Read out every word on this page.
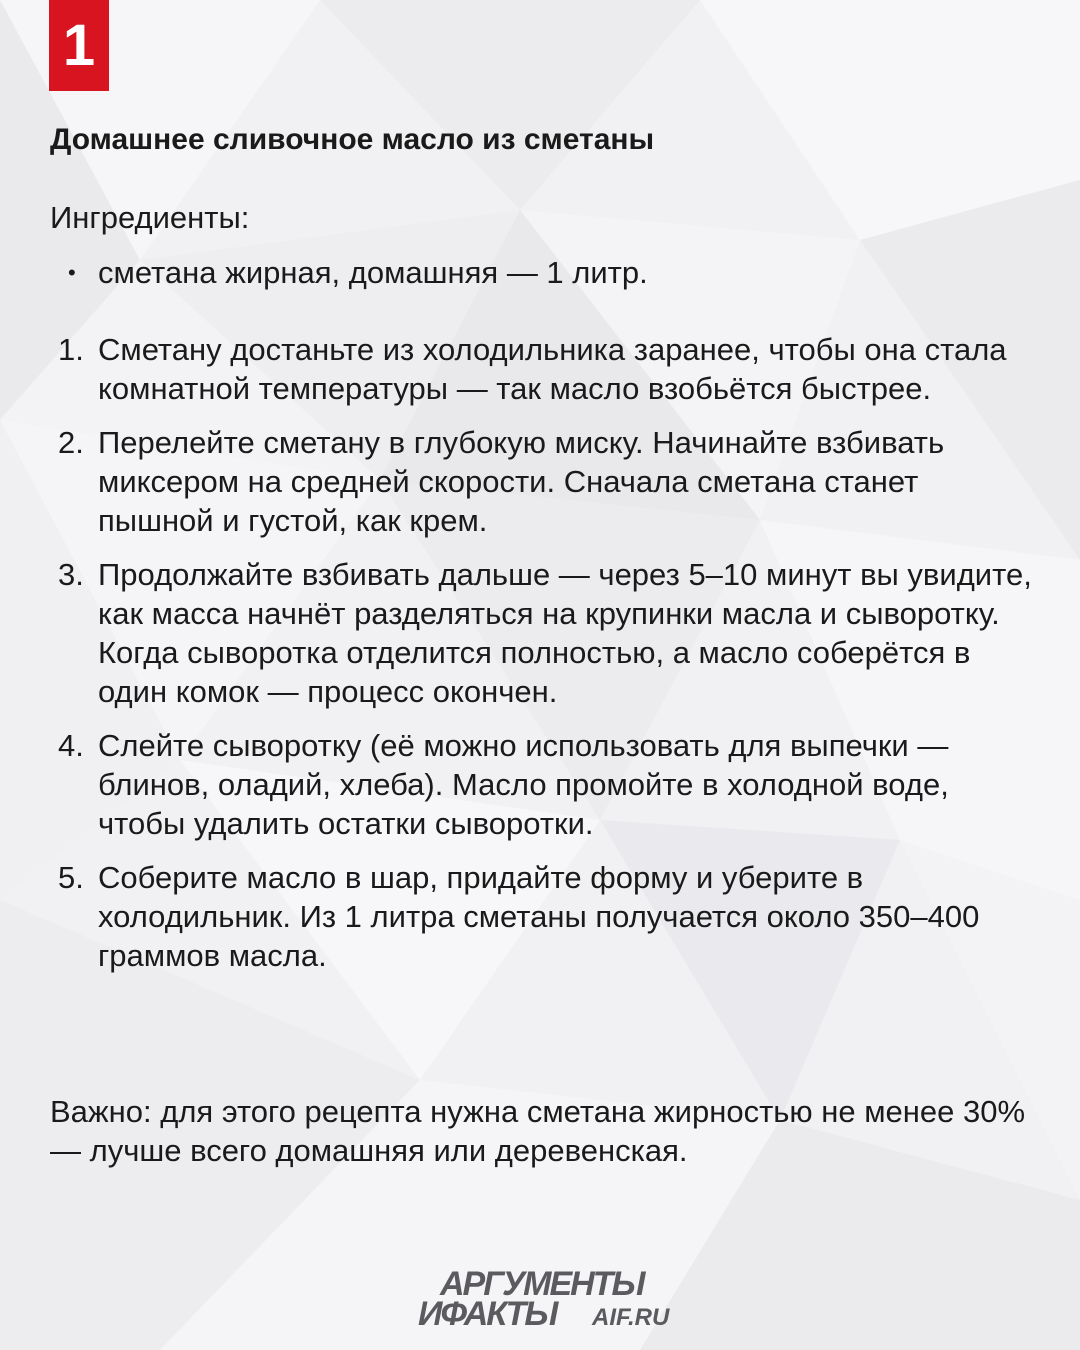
1
Домашнее сливочное масло из сметаны

Ингредиенты:

• сметана жирная, домашняя — 1 литр.
1. Сметану достаньте из холодильника заранее, чтобы она стала комнатной температуры — так масло взобьётся быстрее.
2. Перелейте сметану в глубокую миску. Начинайте взбивать миксером на средней скорости. Сначала сметана станет пышной и густой, как крем.
3. Продолжайте взбивать дальше — через 5–10 минут вы увидите, как масса начнёт разделяться на крупинки масла и сыворотку. Когда сыворотка отделится полностью, а масло соберётся в один комок — процесс окончен.
4. Слейте сыворотку (её можно использовать для выпечки — блинов, оладий, хлеба). Масло промойте в холодной воде, чтобы удалить остатки сыворотки.
5. Соберите масло в шар, придайте форму и уберите в холодильник. Из 1 литра сметаны получается около 350–400 граммов масла.

Важно: для этого рецепта нужна сметана жирностью не менее 30% — лучше всего домашняя или деревенская.

АРГУМЕНТЫ
ИФАКТЫ AIF.RU
